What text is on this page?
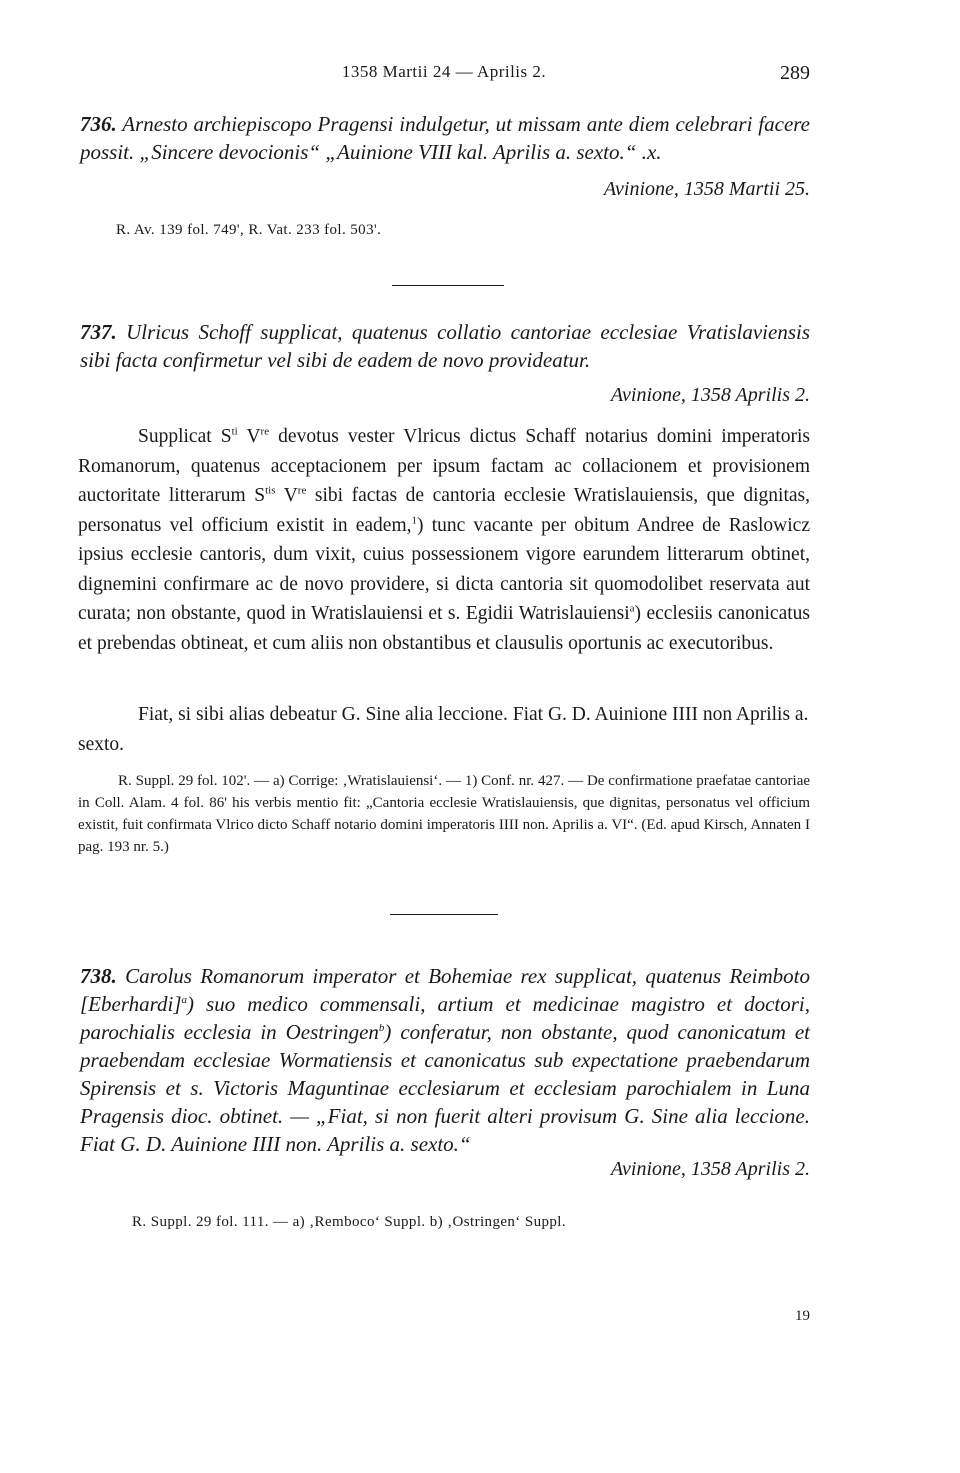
1358 Martii 24 — Aprilis 2.	289
736. Arnesto archiepiscopo Pragensi indulgetur, ut missam ante diem celebrari facere possit. „Sincere devocionis“ „Auinione VIII kal. Aprilis a. sexto.“ .x.
Avinione, 1358 Martii 25.
R. Av. 139 fol. 749', R. Vat. 233 fol. 503'.
737. Ulricus Schoff supplicat, quatenus collatio cantoriae ecclesiae Vratislaviensis sibi facta confirmetur vel sibi de eadem de novo provideatur.
Avinione, 1358 Aprilis 2.
Supplicat $S^{ti}$ Vre devotus vester Vlricus dictus Schaff notarius domini imperatoris Romanorum, quatenus acceptacionem per ipsum factam ac collacionem et provisionem auctoritate litterarum $S^{tis}$ Vre sibi factas de cantoria ecclesie Wratislauiensis, que dignitas, personatus vel officium existit in eadem,$^1$) tunc vacante per obitum Andree de Raslowicz ipsius ecclesie cantoris, dum vixit, cuius possessionem vigore earundem litterarum obtinet, dignemini confirmare ac de novo providere, si dicta cantoria sit quomodolibet reservata aut curata; non obstante, quod in Wratislauiensi et s. Egidii Watrislauiensi$^a$) ecclesiis canonicatus et prebendas obtineat, et cum aliis non obstantibus et clausulis oportunis ac executoribus.
Fiat, si sibi alias debeatur G. Sine alia leccione. Fiat G. D. Auinione IIII non Aprilis a. sexto.
R. Suppl. 29 fol. 102'. — a) Corrige: ‚Wratislauiensi‘. — 1) Conf. nr. 427. — De confirmatione praefatae cantoriae in Coll. Alam. 4 fol. 86' his verbis mentio fit: „Cantoria ecclesie Wratislauiensis, que dignitas, personatus vel officium existit, fuit confirmata Vlrico dicto Schaff notario domini imperatoris IIII non. Aprilis a. VI“. (Ed. apud Kirsch, Annaten I pag. 193 nr. 5.)
738. Carolus Romanorum imperator et Bohemiae rex supplicat, quatenus Reimboto [Eberhardi]$^a$) suo medico commensali, artium et medicinae magistro et doctori, parochialis ecclesia in Oestringen$^b$) conferatur, non obstante, quod canonicatum et praebendam ecclesiae Wormatiensis et canonicatus sub expectatione praebendarum Spirensis et s. Victoris Maguntinae ecclesiarum et ecclesiam parochialem in Luna Pragensis dioc. obtinet. — „Fiat, si non fuerit alteri provisum G. Sine alia leccione. Fiat G. D. Auinione IIII non. Aprilis a. sexto.“
Avinione, 1358 Aprilis 2.
R. Suppl. 29 fol. 111. — a) ‚Remboco‘ Suppl. b) ‚Ostringen‘ Suppl.
19
